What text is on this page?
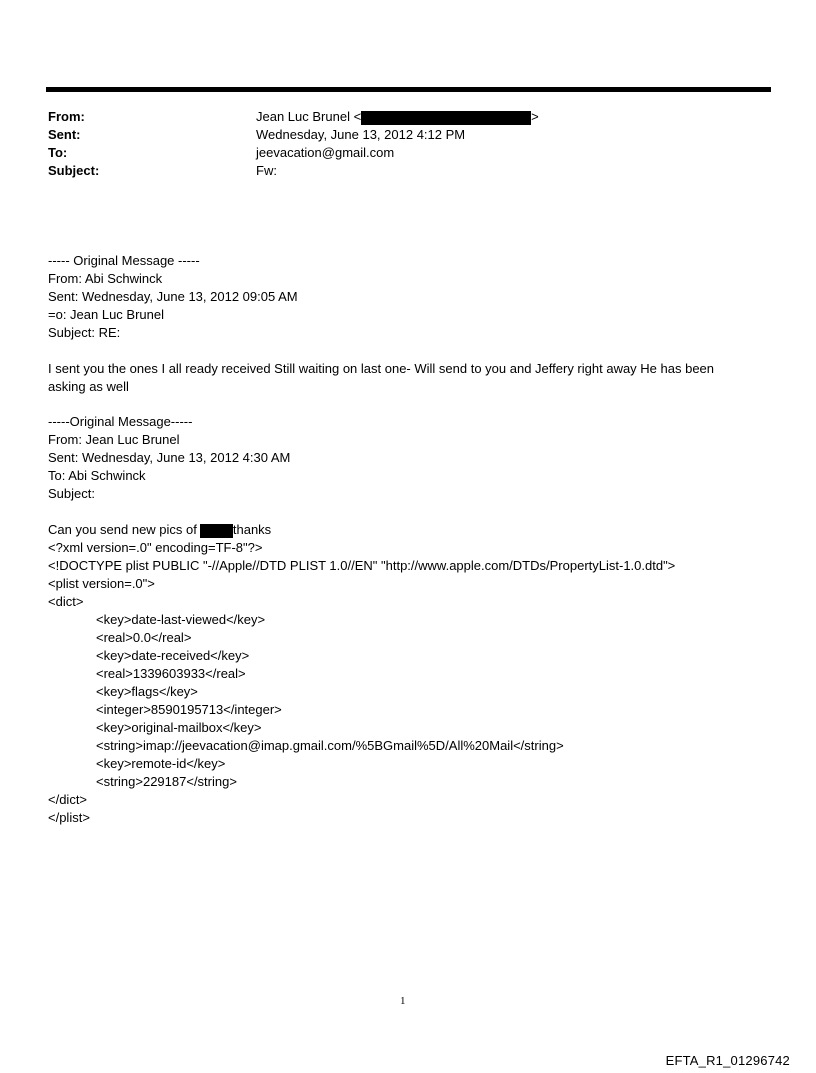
From:	Jean Luc Brunel <	>
Sent:	Wednesday, June 13, 2012 4:12 PM
To:	jeevacation@gmail.com
Subject:	Fw:
----- Original Message -----
From: Abi Schwinck
Sent: Wednesday, June 13, 2012 09:05 AM
=o: Jean Luc Brunel
Subject: RE:
I sent you the ones I all ready received Still waiting on last one- Will send to you and Jeffery right away He has been
asking as well
-----Original Message-----
From: Jean Luc Brunel
Sent: Wednesday, June 13, 2012 4:30 AM
To: Abi Schwinck
Subject:
Can you send new pics of	thanks
<?xml version=.0" encoding=TF-8"?>
<!DOCTYPE plist PUBLIC "-//Apple//DTD PLIST 1.0//EN" "http://www.apple.com/DTDs/PropertyList-1.0.dtd">
<plist version=.0">
<dict>
<key>date-last-viewed</key>
<real>0.0</real>
<key>date-received</key>
<real>1339603933</real>
<key>flags</key>
<integer>8590195713</integer>
<key>original-mailbox</key>
<string>imap://jeevacation@imap.gmail.com/%5BGmail%5D/All%20Mail</string>
<key>remote-id</key>
<string>229187</string>
</dict>
</plist>
1
EFTA_R1_01296742
